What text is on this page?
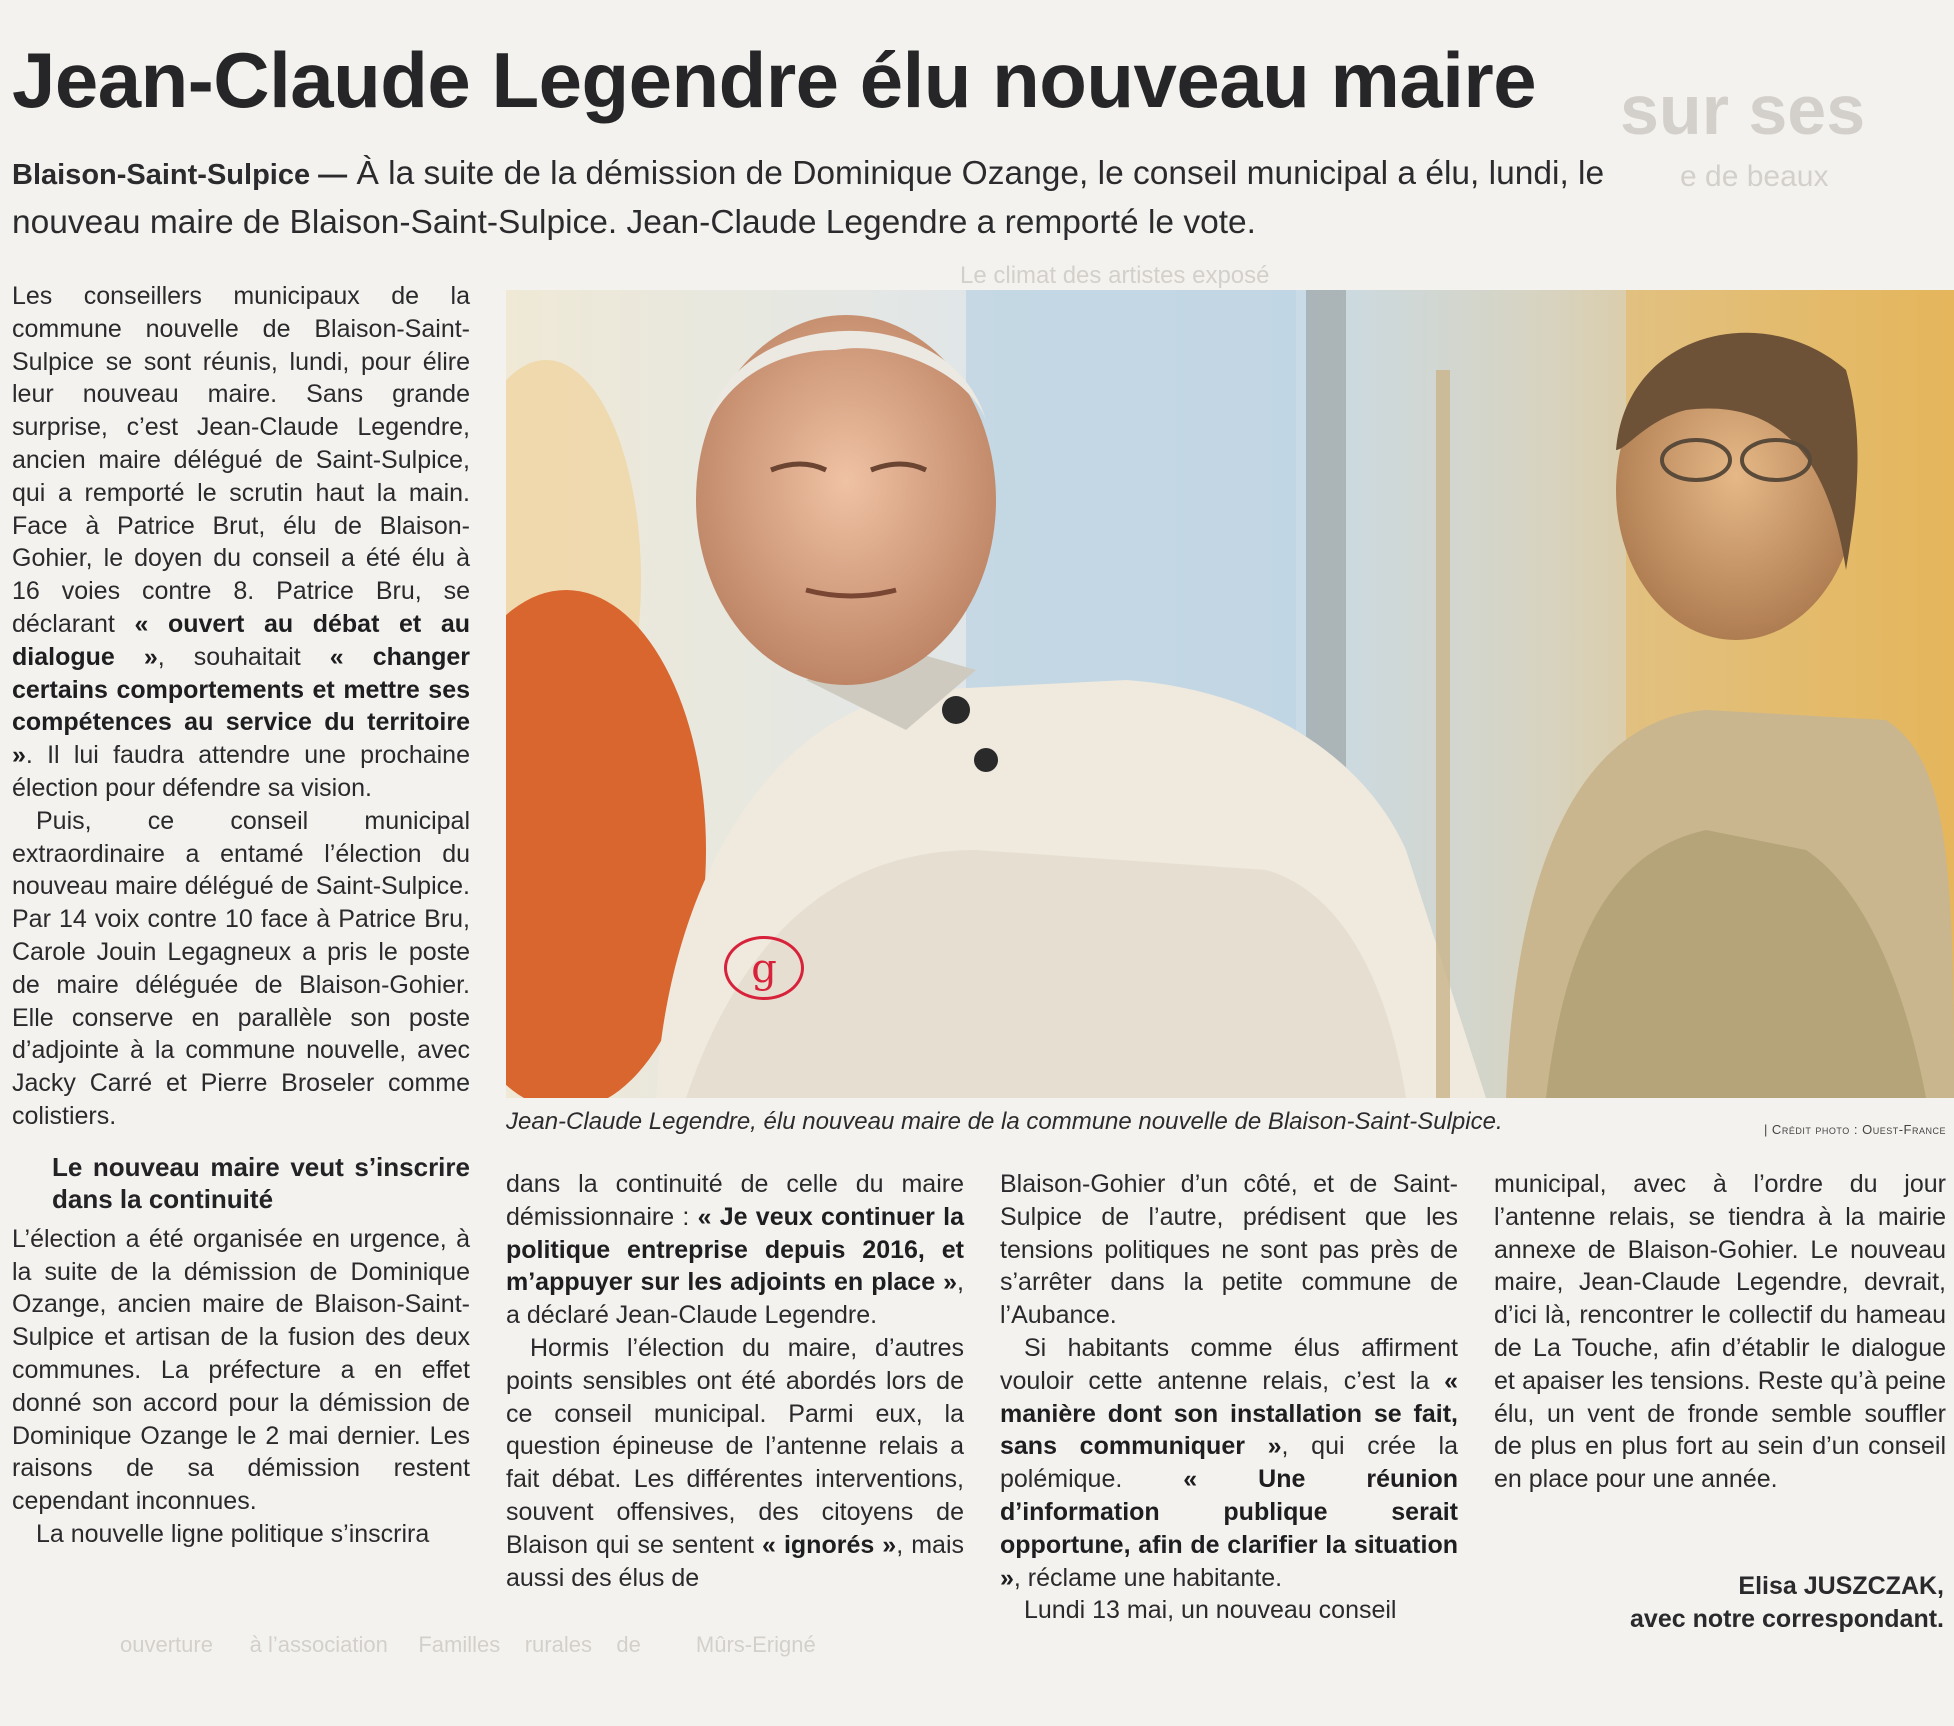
sur ses
e de beaux
Le climat des artistes exposé
ouverture      à l’association     Familles    rurales    de         Mûrs-Erigné
Jean-Claude Legendre élu nouveau maire
Blaison-Saint-Sulpice — À la suite de la démission de Dominique Ozange, le conseil municipal a élu, lundi, le nouveau maire de Blaison-Saint-Sulpice. Jean-Claude Legendre a remporté le vote.

Les conseillers municipaux de la commune nouvelle de Blaison-Saint-Sulpice se sont réunis, lundi, pour élire leur nouveau maire. Sans grande surprise, c’est Jean-Claude Legendre, ancien maire délégué de Saint-Sulpice, qui a remporté le scrutin haut la main. Face à Patrice Brut, élu de Blaison-Gohier, le doyen du conseil a été élu à 16 voies contre 8. Patrice Bru, se déclarant « ouvert au débat et au dialogue », souhaitait « changer certains comportements et mettre ses compétences au service du territoire ». Il lui faudra attendre une prochaine élection pour défendre sa vision.

Puis, ce conseil municipal extraordinaire a entamé l’élection du nouveau maire délégué de Saint-Sulpice. Par 14 voix contre 10 face à Patrice Bru, Carole Jouin Legagneux a pris le poste de maire déléguée de Blaison-Gohier. Elle conserve en parallèle son poste d’adjointe à la commune nouvelle, avec Jacky Carré et Pierre Broseler comme colistiers.

Le nouveau maire veut s’inscrire dans la continuité

L’élection a été organisée en urgence, à la suite de la démission de Dominique Ozange, ancien maire de Blaison-Saint-Sulpice et artisan de la fusion des deux communes. La préfecture a en effet donné son accord pour la démission de Dominique Ozange le 2 mai dernier. Les raisons de sa démission restent cependant inconnues.

La nouvelle ligne politique s’inscrira

g
Jean-Claude Legendre, élu nouveau maire de la commune nouvelle de Blaison-Saint-Sulpice.	| Crédit photo : Ouest-France

dans la continuité de celle du maire démissionnaire : « Je veux continuer la politique entreprise depuis 2016, et m’appuyer sur les adjoints en place », a déclaré Jean-Claude Legendre.

Hormis l’élection du maire, d’autres points sensibles ont été abordés lors de ce conseil municipal. Parmi eux, la question épineuse de l’antenne relais a fait débat. Les différentes interventions, souvent offensives, des citoyens de Blaison qui se sentent « ignorés », mais aussi des élus de

Blaison-Gohier d’un côté, et de Saint-Sulpice de l’autre, prédisent que les tensions politiques ne sont pas près de s’arrêter dans la petite commune de l’Aubance.

Si habitants comme élus affirment vouloir cette antenne relais, c’est la « manière dont son installation se fait, sans communiquer », qui crée la polémique. « Une réunion d’information publique serait opportune, afin de clarifier la situation », réclame une habitante.

Lundi 13 mai, un nouveau conseil

municipal, avec à l’ordre du jour l’antenne relais, se tiendra à la mairie annexe de Blaison-Gohier. Le nouveau maire, Jean-Claude Legendre, devrait, d’ici là, rencontrer le collectif du hameau de La Touche, afin d’établir le dialogue et apaiser les tensions. Reste qu’à peine élu, un vent de fronde semble souffler de plus en plus fort au sein d’un conseil en place pour une année.

Elisa JUSZCZAK,
avec notre correspondant.
